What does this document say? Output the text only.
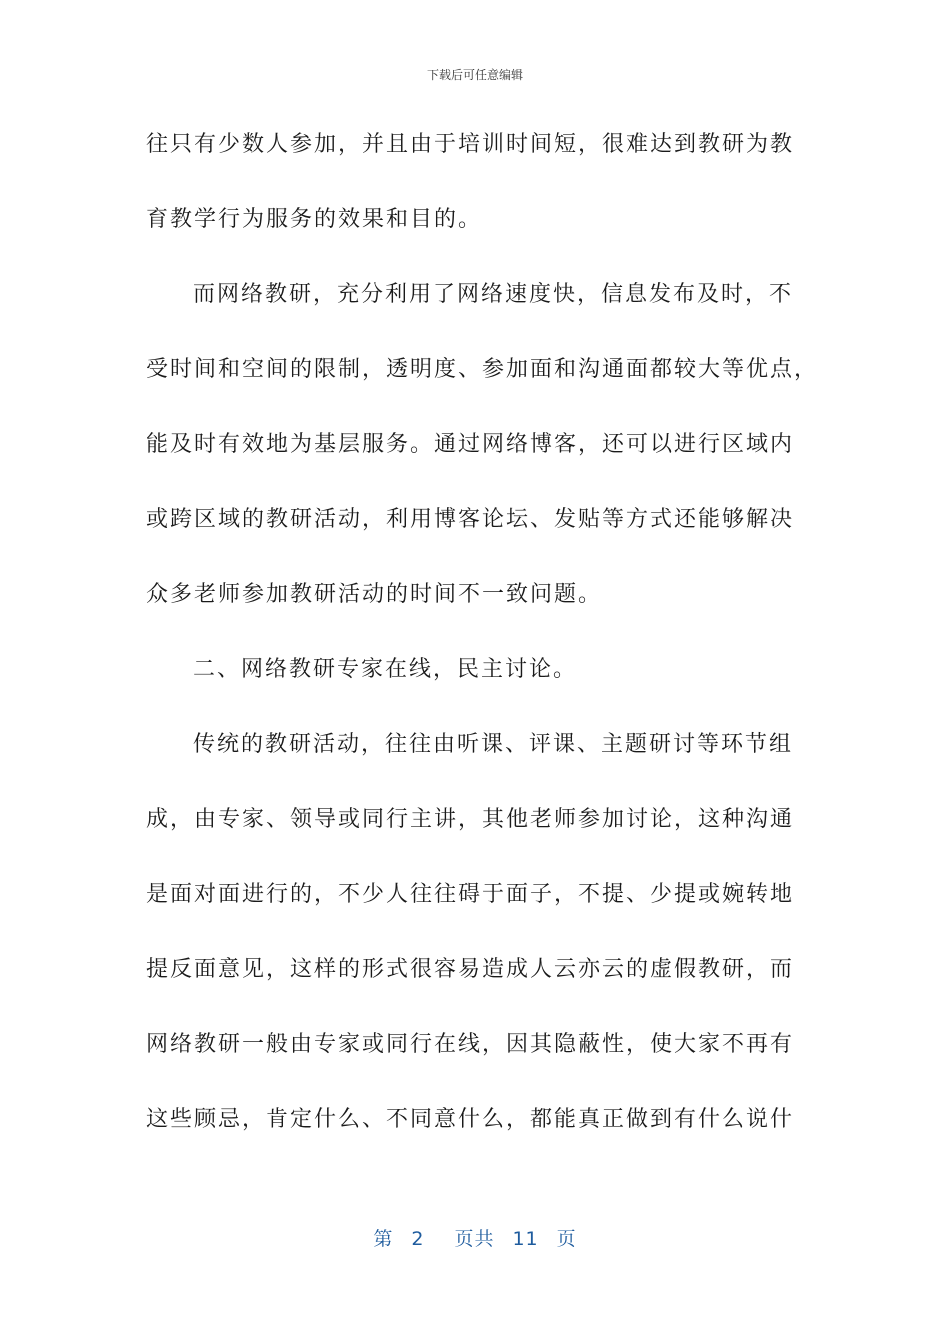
下载后可任意编辑
往只有少数人参加，并且由于培训时间短，很难达到教研为教
育教学行为服务的效果和目的。
而网络教研，充分利用了网络速度快，信息发布及时，不
受时间和空间的限制，透明度、参加面和沟通面都较大等优点，
能及时有效地为基层服务。通过网络博客，还可以进行区域内
或跨区域的教研活动，利用博客论坛、发贴等方式还能够解决
众多老师参加教研活动的时间不一致问题。
二、网络教研专家在线，民主讨论。
传统的教研活动，往往由听课、评课、主题研讨等环节组
成，由专家、领导或同行主讲，其他老师参加讨论，这种沟通
是面对面进行的，不少人往往碍于面子，不提、少提或婉转地
提反面意见，这样的形式很容易造成人云亦云的虚假教研，而
网络教研一般由专家或同行在线，因其隐蔽性，使大家不再有
这些顾忌，肯定什么、不同意什么，都能真正做到有什么说什
第 2 页共 11 页
